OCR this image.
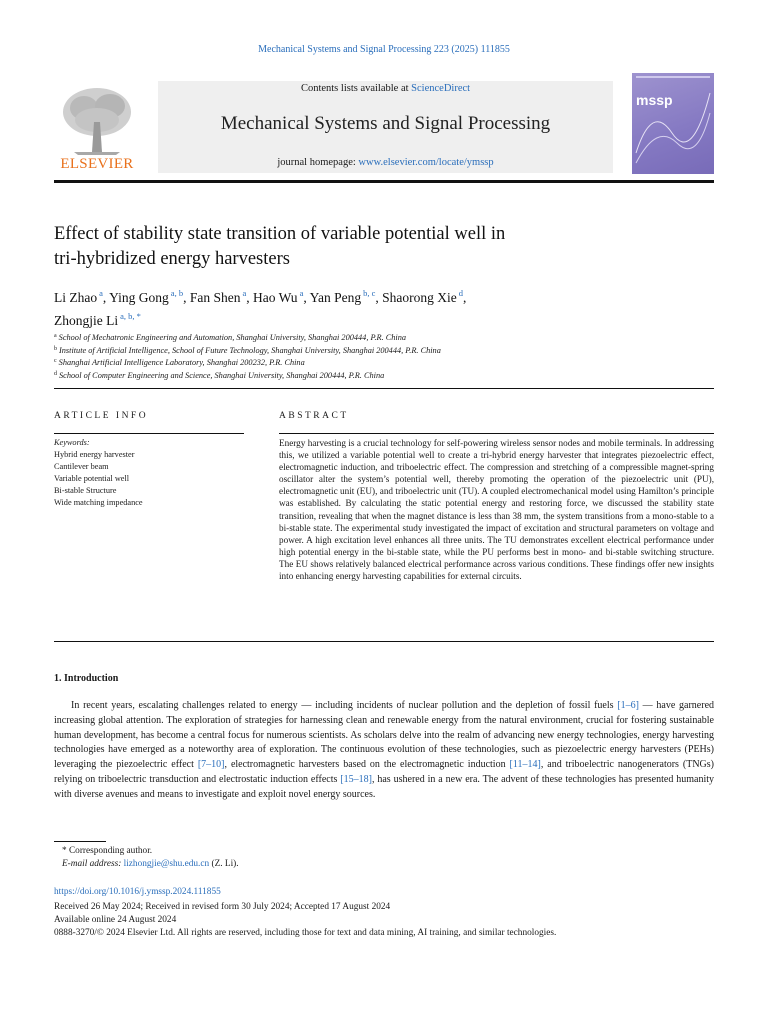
Mechanical Systems and Signal Processing 223 (2025) 111855
Contents lists available at ScienceDirect
Mechanical Systems and Signal Processing
journal homepage: www.elsevier.com/locate/ymssp
ELSEVIER
mssp
Effect of stability state transition of variable potential well in
tri-hybridized energy harvesters
Li Zhao $^a$, Ying Gong $^{a, b}$, Fan Shen $^a$, Hao Wu $^a$, Yan Peng $^{b, c}$, Shaorong Xie $^d$,
Zhongjie Li $^{a, b, *}$
$^a$ School of Mechatronic Engineering and Automation, Shanghai University, Shanghai 200444, P.R. China
$^b$ Institute of Artificial Intelligence, School of Future Technology, Shanghai University, Shanghai 200444, P.R. China
$^c$ Shanghai Artificial Intelligence Laboratory, Shanghai 200232, P.R. China
$^d$ School of Computer Engineering and Science, Shanghai University, Shanghai 200444, P.R. China
ARTICLE INFO	ABSTRACT
Keywords:
Hybrid energy harvester
Cantilever beam
Variable potential well
Bi-stable Structure
Wide matching impedance
Energy harvesting is a crucial technology for self-powering wireless sensor nodes and mobile terminals. In addressing this, we utilized a variable potential well to create a tri-hybrid energy harvester that integrates piezoelectric effect, electromagnetic induction, and triboelectric effect. The compression and stretching of a compressible magnet-spring oscillator alter the system’s potential well, thereby promoting the operation of the piezoelectric unit (PU), electromagnetic unit (EU), and triboelectric unit (TU). A coupled electromechanical model using Hamilton’s principle was established. By calculating the static potential energy and restoring force, we discussed the stability state transition, revealing that when the magnet distance is less than 38 mm, the system transitions from a mono-stable to a bi-stable state. The experimental study investigated the impact of excitation and structural parameters on voltage and power. A high excitation level enhances all three units. The TU demonstrates excellent electrical performance under high potential energy in the bi-stable state, while the PU performs best in mono- and bi-stable switching structure. The EU shows relatively balanced electrical performance across various conditions. These findings offer new insights into enhancing energy harvesting capabilities for external circuits.
1. Introduction
In recent years, escalating challenges related to energy — including incidents of nuclear pollution and the depletion of fossil fuels [1–6] — have garnered increasing global attention. The exploration of strategies for harnessing clean and renewable energy from the natural environment, crucial for fostering sustainable human development, has become a central focus for numerous scientists. As scholars delve into the realm of advancing new energy technologies, energy harvesting technologies have emerged as a noteworthy area of exploration. The continuous evolution of these technologies, such as piezoelectric energy harvesters (PEHs) leveraging the piezoelectric effect [7–10], electromagnetic harvesters based on the electromagnetic induction [11–14], and triboelectric nanogenerators (TNGs) relying on triboelectric transduction and electrostatic induction effects [15–18], has ushered in a new era. The advent of these technologies has presented humanity with diverse avenues and means to investigate and exploit novel energy sources.
* Corresponding author.
E-mail address: lizhongjie@shu.edu.cn (Z. Li).
https://doi.org/10.1016/j.ymssp.2024.111855
Received 26 May 2024; Received in revised form 30 July 2024; Accepted 17 August 2024
Available online 24 August 2024
0888-3270/© 2024 Elsevier Ltd. All rights are reserved, including those for text and data mining, AI training, and similar technologies.
